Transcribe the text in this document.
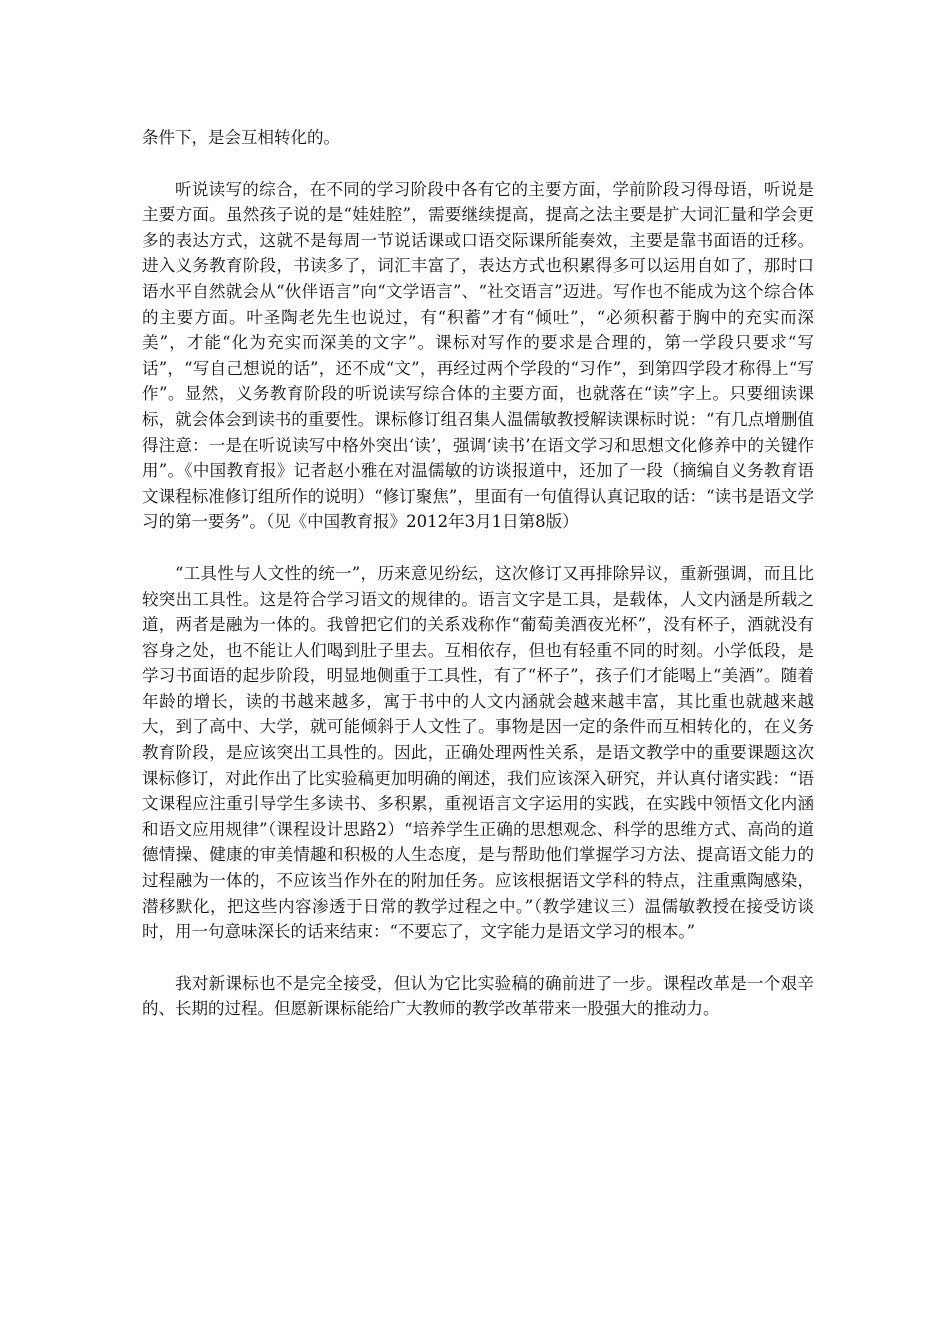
条件下，是会互相转化的。

听说读写的综合，在不同的学习阶段中各有它的主要方面，学前阶段习得母语，听说是主要方面。虽然孩子说的是“娃娃腔”，需要继续提高，提高之法主要是扩大词汇量和学会更多的表达方式，这就不是每周一节说话课或口语交际课所能奏效，主要是靠书面语的迁移。进入义务教育阶段，书读多了，词汇丰富了，表达方式也积累得多可以运用自如了，那时口语水平自然就会从“伙伴语言”向“文学语言”、“社交语言”迈进。写作也不能成为这个综合体的主要方面。叶圣陶老先生也说过，有“积蓄”才有“倾吐”，“必须积蓄于胸中的充实而深美”，才能“化为充实而深美的文字”。课标对写作的要求是合理的，第一学段只要求“写话”，“写自己想说的话”，还不成“文”，再经过两个学段的“习作”，到第四学段才称得上“写作”。显然，义务教育阶段的听说读写综合体的主要方面，也就落在“读”字上。只要细读课标，就会体会到读书的重要性。课标修订组召集人温儒敏教授解读课标时说：“有几点增删值得注意：一是在听说读写中格外突出‘读’，强调‘读书’在语文学习和思想文化修养中的关键作用”。《中国教育报》记者赵小雅在对温儒敏的访谈报道中，还加了一段（摘编自义务教育语文课程标准修订组所作的说明）“修订聚焦”，里面有一句值得认真记取的话：“读书是语文学习的第一要务”。（见《中国教育报》2012年3月1日第8版）

“工具性与人文性的统一”，历来意见纷纭，这次修订又再排除异议，重新强调，而且比较突出工具性。这是符合学习语文的规律的。语言文字是工具，是载体，人文内涵是所载之道，两者是融为一体的。我曾把它们的关系戏称作“葡萄美酒夜光杯”，没有杯子，酒就没有容身之处，也不能让人们喝到肚子里去。互相依存，但也有轻重不同的时刻。小学低段，是学习书面语的起步阶段，明显地侧重于工具性，有了“杯子”，孩子们才能喝上“美酒”。随着年龄的增长，读的书越来越多，寓于书中的人文内涵就会越来越丰富，其比重也就越来越大，到了高中、大学，就可能倾斜于人文性了。事物是因一定的条件而互相转化的，在义务教育阶段，是应该突出工具性的。因此，正确处理两性关系，是语文教学中的重要课题这次课标修订，对此作出了比实验稿更加明确的阐述，我们应该深入研究，并认真付诸实践：“语文课程应注重引导学生多读书、多积累，重视语言文字运用的实践，在实践中领悟文化内涵和语文应用规律”（课程设计思路2）“培养学生正确的思想观念、科学的思维方式、高尚的道德情操、健康的审美情趣和积极的人生态度，是与帮助他们掌握学习方法、提高语文能力的过程融为一体的，不应该当作外在的附加任务。应该根据语文学科的特点，注重熏陶感染，潜移默化，把这些内容渗透于日常的教学过程之中。”（教学建议三）温儒敏教授在接受访谈时，用一句意味深长的话来结束：“不要忘了，文字能力是语文学习的根本。”

我对新课标也不是完全接受，但认为它比实验稿的确前进了一步。课程改革是一个艰辛的、长期的过程。但愿新课标能给广大教师的教学改革带来一股强大的推动力。
